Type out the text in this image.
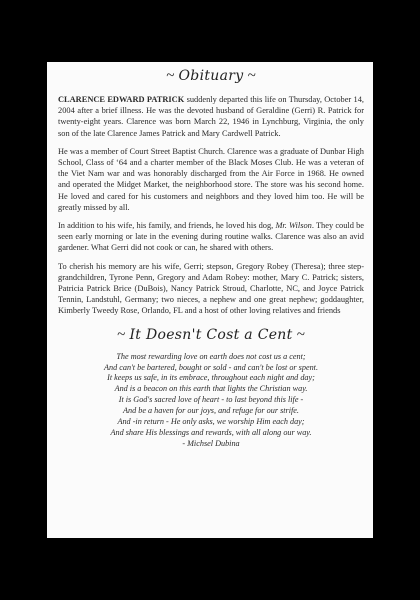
~ Obituary ~

CLARENCE EDWARD PATRICK suddenly departed this life on Thursday, October 14, 2004 after a brief illness. He was the devoted husband of Geraldine (Gerri) R. Patrick for twenty-eight years. Clarence was born March 22, 1946 in Lynchburg, Virginia, the only son of the late Clarence James Patrick and Mary Cardwell Patrick.

He was a member of Court Street Baptist Church. Clarence was a graduate of Dunbar High School, Class of ‘64 and a charter member of the Black Moses Club. He was a veteran of the Viet Nam war and was honorably discharged from the Air Force in 1968. He owned and operated the Midget Market, the neighborhood store. The store was his second home. He loved and cared for his customers and neighbors and they loved him too. He will be greatly missed by all.

In addition to his wife, his family, and friends, he loved his dog, Mr. Wilson. They could be seen early morning or late in the evening during routine walks. Clarence was also an avid gardener. What Gerri did not cook or can, he shared with others.

To cherish his memory are his wife, Gerri; stepson, Gregory Robey (Theresa); three step-grandchildren, Tyrone Penn, Gregory and Adam Robey: mother, Mary C. Patrick; sisters, Patricia Patrick Brice (DuBois), Nancy Patrick Stroud, Charlotte, NC, and Joyce Patrick Tennin, Landstuhl, Germany; two nieces, a nephew and one great nephew; goddaughter, Kimberly Tweedy Rose, Orlando, FL and a host of other loving relatives and friends

~ It Doesn't Cost a Cent ~

The most rewarding love on earth does not cost us a cent;
And can't be bartered, bought or sold - and can't be lost or spent.
It keeps us safe, in its embrace, throughout each night and day;
And is a beacon on this earth that lights the Christian way.
It is God's sacred love of heart - to last beyond this life -
And be a haven for our joys, and refuge for our strife.
And -in return - He only asks, we worship Him each day;
And share His blessings and rewards, with all along our way.
- Michsel Dubina
